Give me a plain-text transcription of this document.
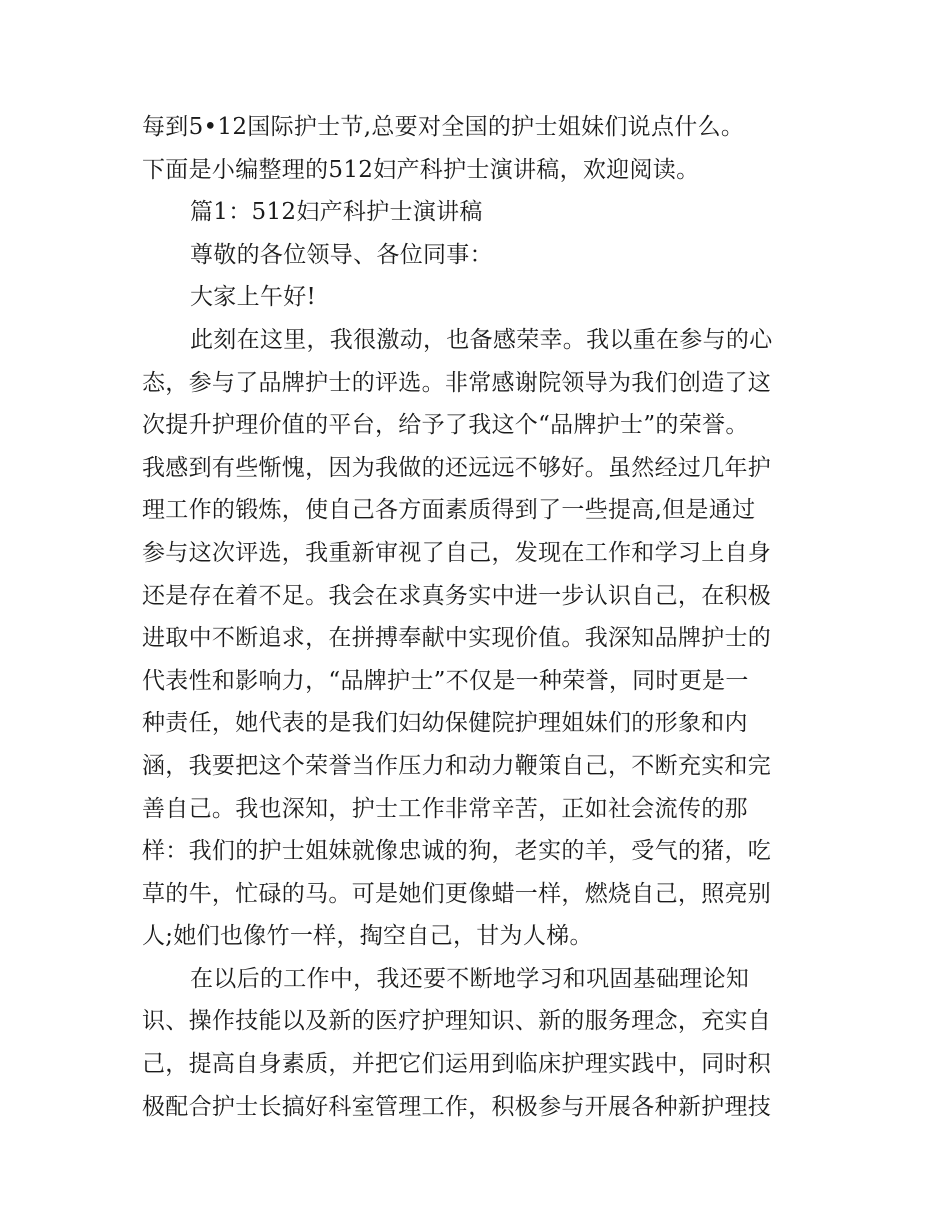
每到5•12国际护士节,总要对全国的护士姐妹们说点什么。

下面是小编整理的512妇产科护士演讲稿，欢迎阅读。

篇1：512妇产科护士演讲稿

尊敬的各位领导、各位同事：

大家上午好!

此刻在这里，我很激动，也备感荣幸。我以重在参与的心

态，参与了品牌护士的评选。非常感谢院领导为我们创造了这

次提升护理价值的平台，给予了我这个“品牌护士”的荣誉。

我感到有些惭愧，因为我做的还远远不够好。虽然经过几年护

理工作的锻炼，使自己各方面素质得到了一些提高,但是通过

参与这次评选，我重新审视了自己，发现在工作和学习上自身

还是存在着不足。我会在求真务实中进一步认识自己，在积极

进取中不断追求，在拼搏奉献中实现价值。我深知品牌护士的

代表性和影响力，“品牌护士”不仅是一种荣誉，同时更是一

种责任，她代表的是我们妇幼保健院护理姐妹们的形象和内

涵，我要把这个荣誉当作压力和动力鞭策自己，不断充实和完

善自己。我也深知，护士工作非常辛苦，正如社会流传的那

样：我们的护士姐妹就像忠诚的狗，老实的羊，受气的猪，吃

草的牛，忙碌的马。可是她们更像蜡一样，燃烧自己，照亮别

人;她们也像竹一样，掏空自己，甘为人梯。

在以后的工作中，我还要不断地学习和巩固基础理论知

识、操作技能以及新的医疗护理知识、新的服务理念，充实自

己，提高自身素质，并把它们运用到临床护理实践中，同时积

极配合护士长搞好科室管理工作，积极参与开展各种新护理技
